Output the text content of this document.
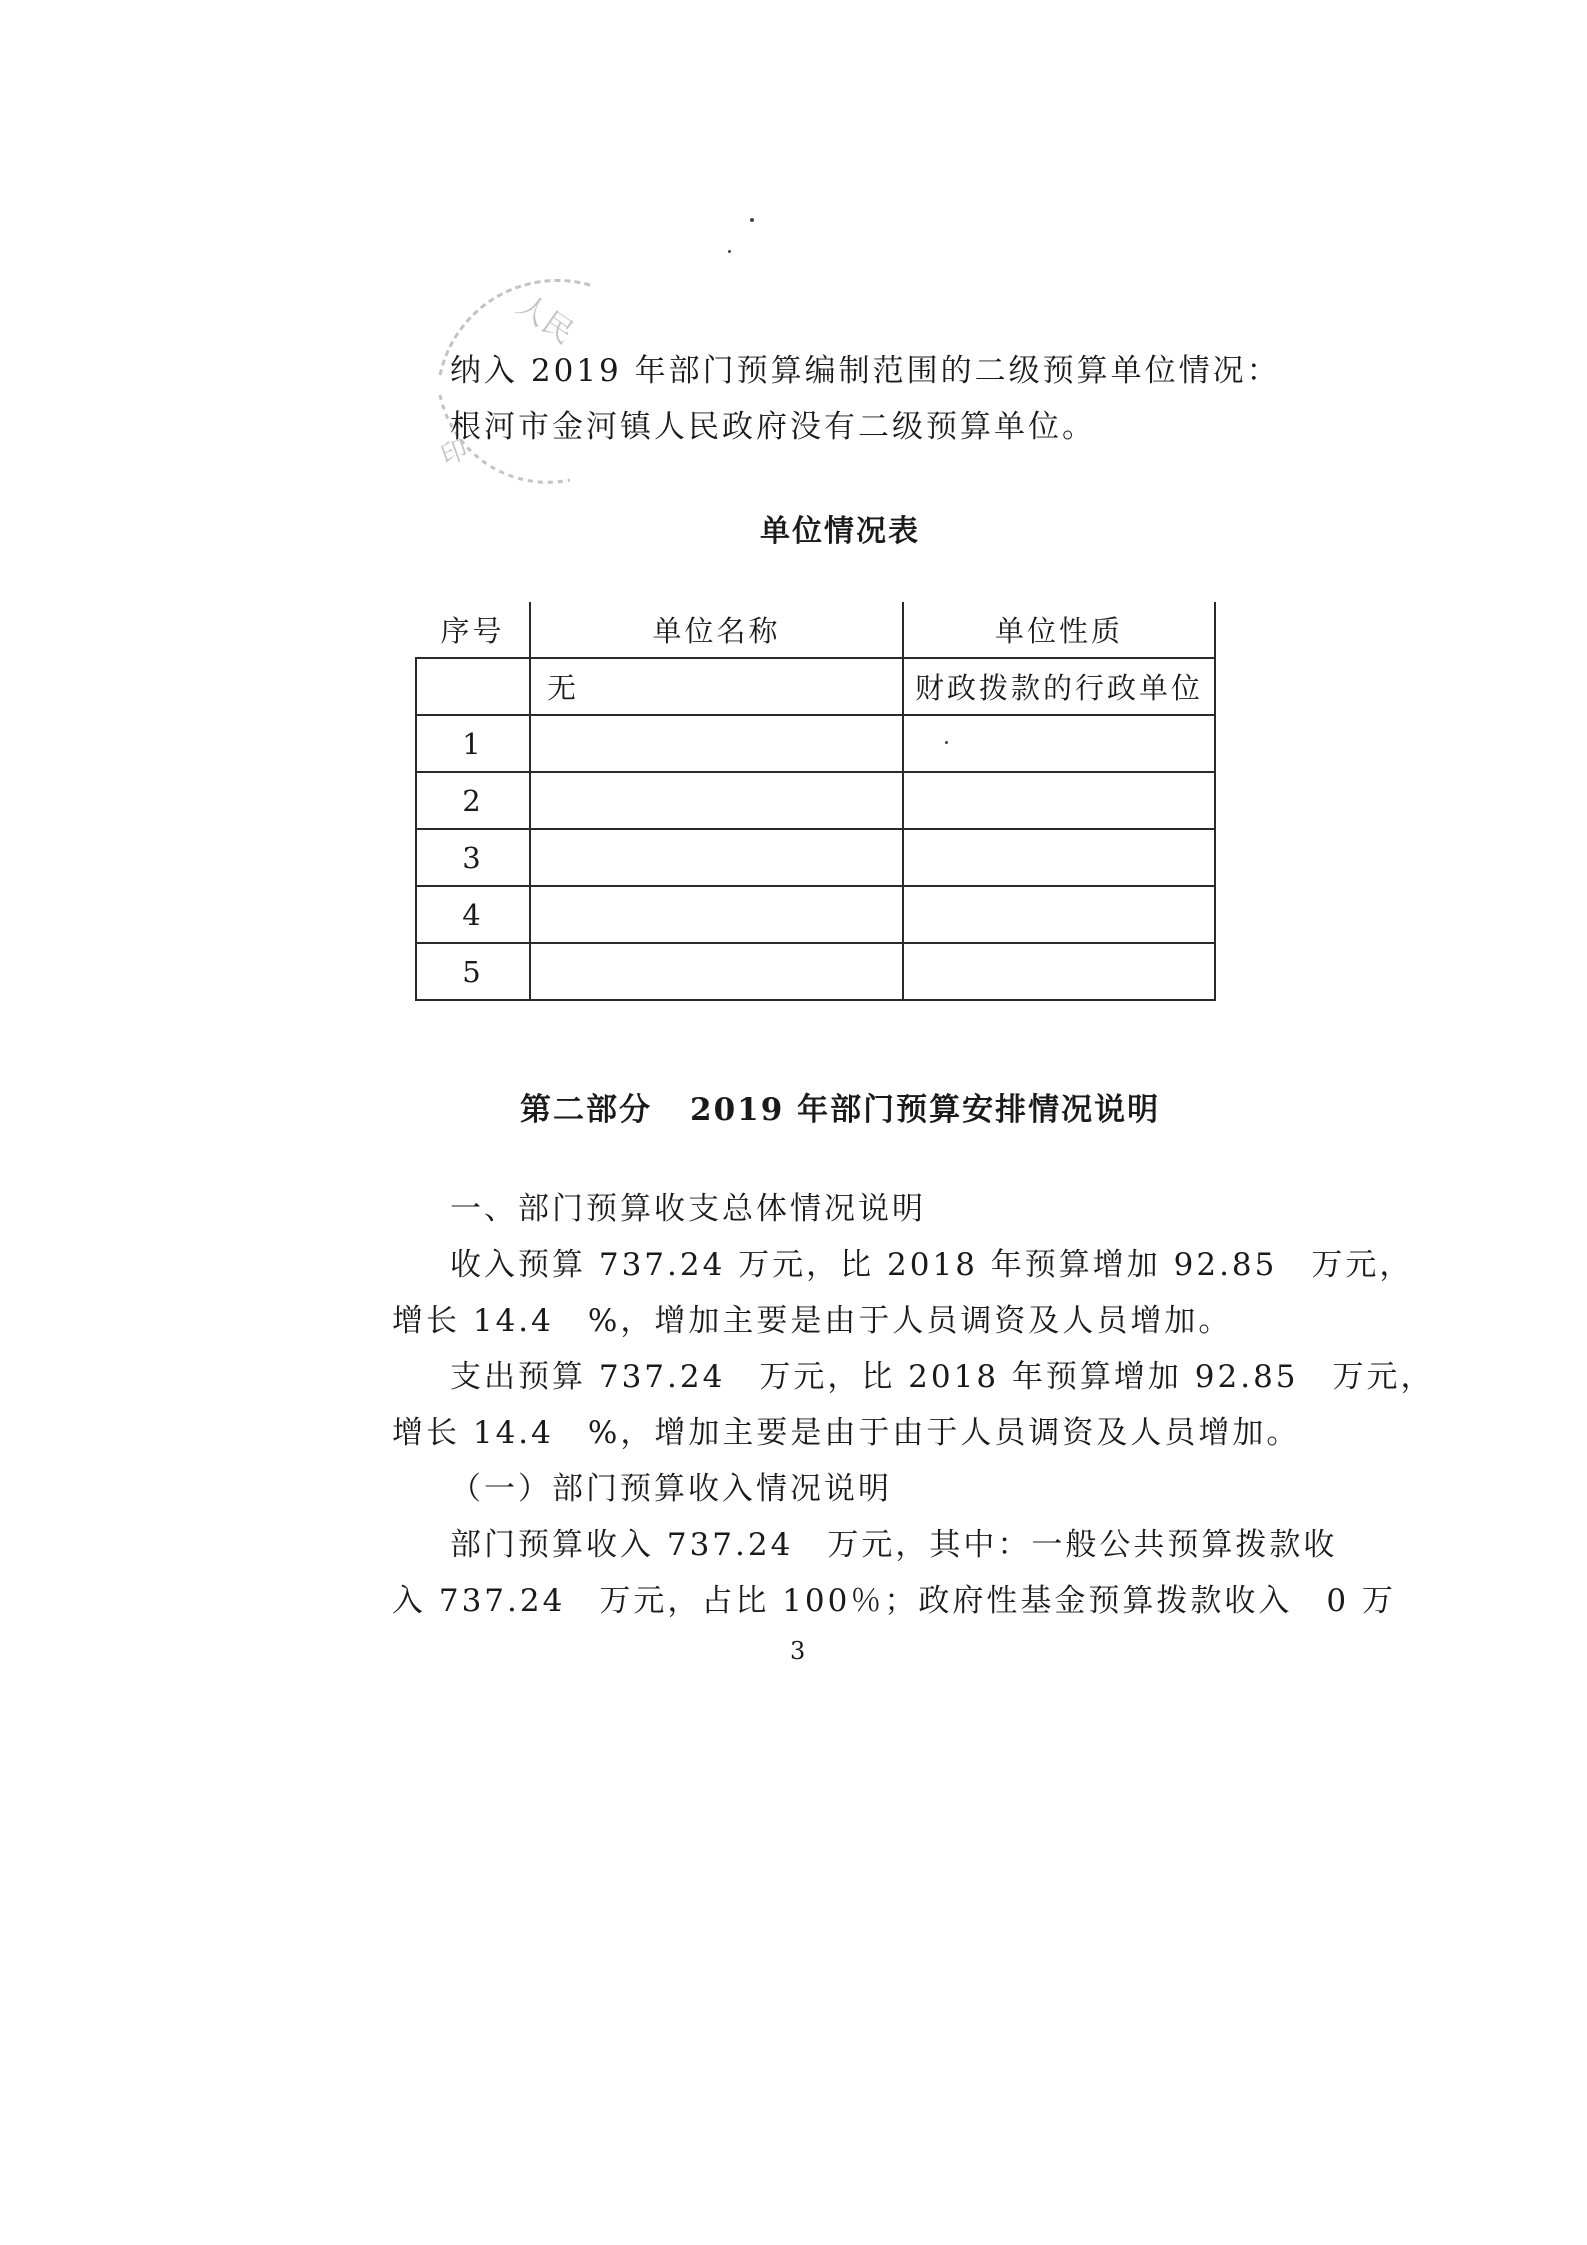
人民
印
纳入 2019 年部门预算编制范围的二级预算单位情况：
根河市金河镇人民政府没有二级预算单位。
单位情况表
序号	单位名称	单位性质
	无	财政拨款的行政单位
1		
2		
3		
4		
5		
第二部分 2019 年部门预算安排情况说明
一、部门预算收支总体情况说明
收入预算 737.24 万元，比 2018 年预算增加 92.85　万元，
增长 14.4　%，增加主要是由于人员调资及人员增加。
支出预算 737.24　万元，比 2018 年预算增加 92.85　万元，
增长 14.4　%，增加主要是由于由于人员调资及人员增加。
（一）部门预算收入情况说明
部门预算收入 737.24　万元，其中：一般公共预算拨款收
入 737.24　万元，占比 100％；政府性基金预算拨款收入　0 万
3
